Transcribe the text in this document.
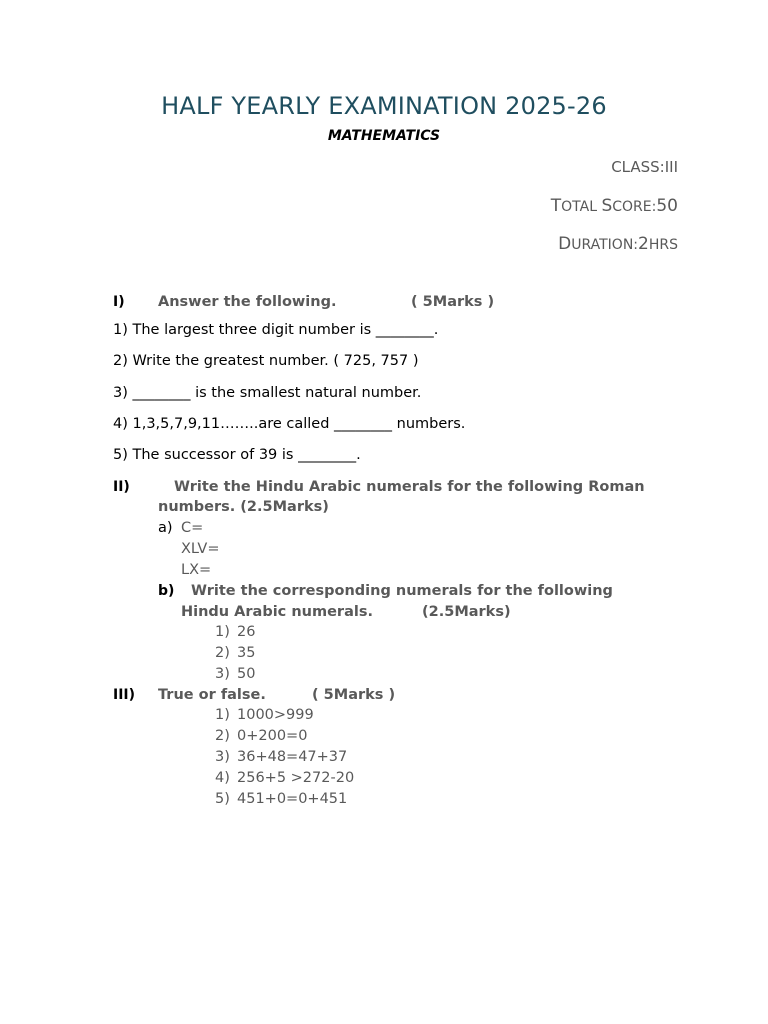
HALF YEARLY EXAMINATION 2025-26
MATHEMATICS
CLASS:III
TOTAL SCORE:50
DURATION:2HRS
I) Answer the following.	( 5Marks )
1) The largest three digit number is ________.
2) Write the greatest number. ( 725, 757 )
3) ________ is the smallest natural number.
4) 1,3,5,7,9,11……..are called ________ numbers.
5) The successor of 39 is ________.
II)	Write the Hindu Arabic numerals for the following Roman
numbers. (2.5Marks)
a) C=
XLV=
LX=
b) Write the corresponding numerals for the following
Hindu Arabic numerals.	(2.5Marks)
1) 26
2) 35
3) 50
III) True or false.	( 5Marks )
1) 1000>999
2) 0+200=0
3) 36+48=47+37
4) 256+5 >272-20
5) 451+0=0+451
